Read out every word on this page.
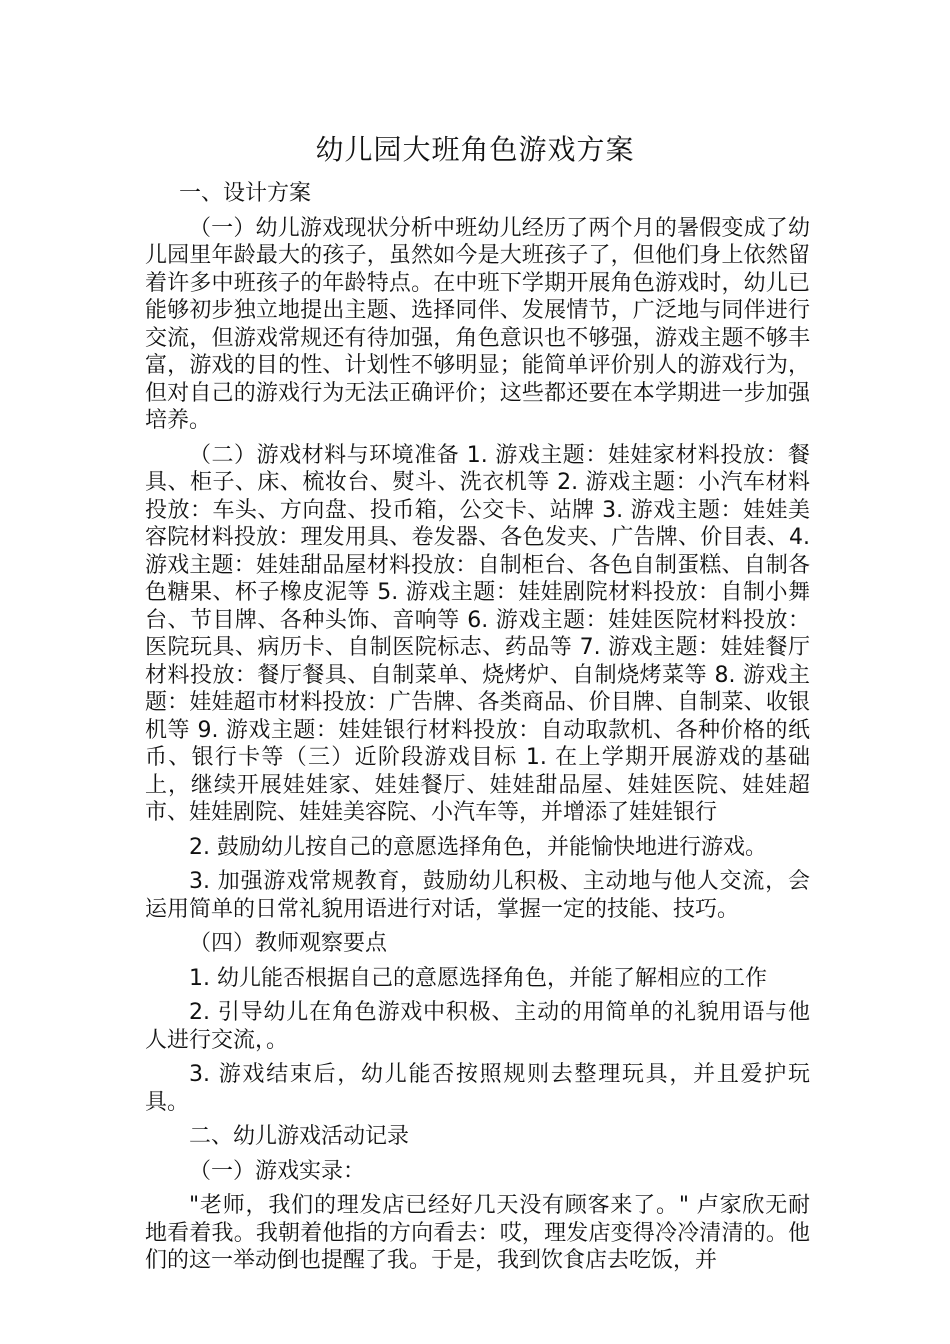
幼儿园大班角色游戏方案

一、设计方案

（一）幼儿游戏现状分析中班幼儿经历了两个月的暑假变成了幼儿园里年龄最大的孩子，虽然如今是大班孩子了，但他们身上依然留着许多中班孩子的年龄特点。在中班下学期开展角色游戏时，幼儿已能够初步独立地提出主题、选择同伴、发展情节，广泛地与同伴进行交流，但游戏常规还有待加强，角色意识也不够强，游戏主题不够丰富，游戏的目的性、计划性不够明显；能简单评价别人的游戏行为，但对自己的游戏行为无法正确评价；这些都还要在本学期进一步加强培养。

（二）游戏材料与环境准备 1. 游戏主题：娃娃家材料投放：餐具、柜子、床、梳妆台、熨斗、洗衣机等 2. 游戏主题：小汽车材料投放：车头、方向盘、投币箱，公交卡、站牌 3. 游戏主题：娃娃美容院材料投放：理发用具、卷发器、各色发夹、广告牌、价目表、4. 游戏主题：娃娃甜品屋材料投放：自制柜台、各色自制蛋糕、自制各色糖果、杯子橡皮泥等 5. 游戏主题：娃娃剧院材料投放：自制小舞台、节目牌、各种头饰、音响等 6. 游戏主题：娃娃医院材料投放：医院玩具、病历卡、自制医院标志、药品等 7. 游戏主题：娃娃餐厅材料投放：餐厅餐具、自制菜单、烧烤炉、自制烧烤菜等 8. 游戏主题：娃娃超市材料投放：广告牌、各类商品、价目牌、自制菜、收银机等 9. 游戏主题：娃娃银行材料投放：自动取款机、各种价格的纸币、银行卡等（三）近阶段游戏目标 1. 在上学期开展游戏的基础上，继续开展娃娃家、娃娃餐厅、娃娃甜品屋、娃娃医院、娃娃超市、娃娃剧院、娃娃美容院、小汽车等，并增添了娃娃银行

2. 鼓励幼儿按自己的意愿选择角色，并能愉快地进行游戏。

3. 加强游戏常规教育，鼓励幼儿积极、主动地与他人交流，会运用简单的日常礼貌用语进行对话，掌握一定的技能、技巧。

（四）教师观察要点

1. 幼儿能否根据自己的意愿选择角色，并能了解相应的工作

2. 引导幼儿在角色游戏中积极、主动的用简单的礼貌用语与他人进行交流，。

3. 游戏结束后，幼儿能否按照规则去整理玩具，并且爱护玩具。

二、幼儿游戏活动记录

（一）游戏实录：

"老师，我们的理发店已经好几天没有顾客来了。" 卢家欣无耐地看着我。我朝着他指的方向看去：哎，理发店变得冷冷清清的。他们的这一举动倒也提醒了我。于是，我到饮食店去吃饭，并
